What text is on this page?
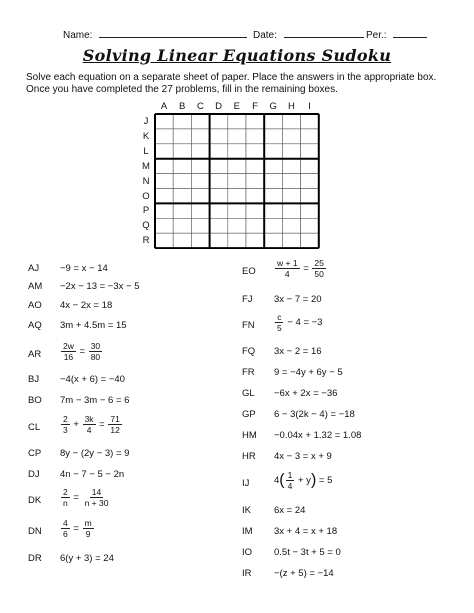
Name:	Date:	Per.:
Solving Linear Equations Sudoku
Solve each equation on a separate sheet of paper. Place the answers in the appropriate box. Once you have completed the 27 problems, fill in the remaining boxes.
A	B	C	D	E	F	G	H	I
J
K
L
M
N
O
P
Q
R
AJ −9 = x − 14
AM −2x − 13 = −3x − 5
AO 4x − 2x = 18
AQ 3m + 4.5m = 15
AR $\frac{2w}{16} = \frac{30}{80}$
BJ −4(x + 6) = −40
BO 7m − 3m − 6 = 6
CL $\frac{2}{3} + \frac{3k}{4} = \frac{71}{12}$
CP 8y − (2y − 3) = 9
DJ 4n − 7 − 5 − 2n
DK $\frac{2}{n} = \frac{14}{n + 30}$
DN $\frac{4}{6} = \frac{m}{9}$
DR 6(y + 3) = 24
EO $\frac{w + 1}{4} = \frac{25}{50}$
FJ 3x − 7 = 20
FN $\frac{c}{5} - 4 = -3$
FQ 3x − 2 = 16
FR 9 = −4y + 6y − 5
GL −6x + 2x = −36
GP 6 − 3(2k − 4) = −18
HM −0.04x + 1.32 = 1.08
HR 4x − 3 = x + 9
IJ	$4( \frac{1}{4} + y) = 5$
IK 6x = 24
IM 3x + 4 = x + 18
IO 0.5t − 3t + 5 = 0
IR −(z + 5) = −14
